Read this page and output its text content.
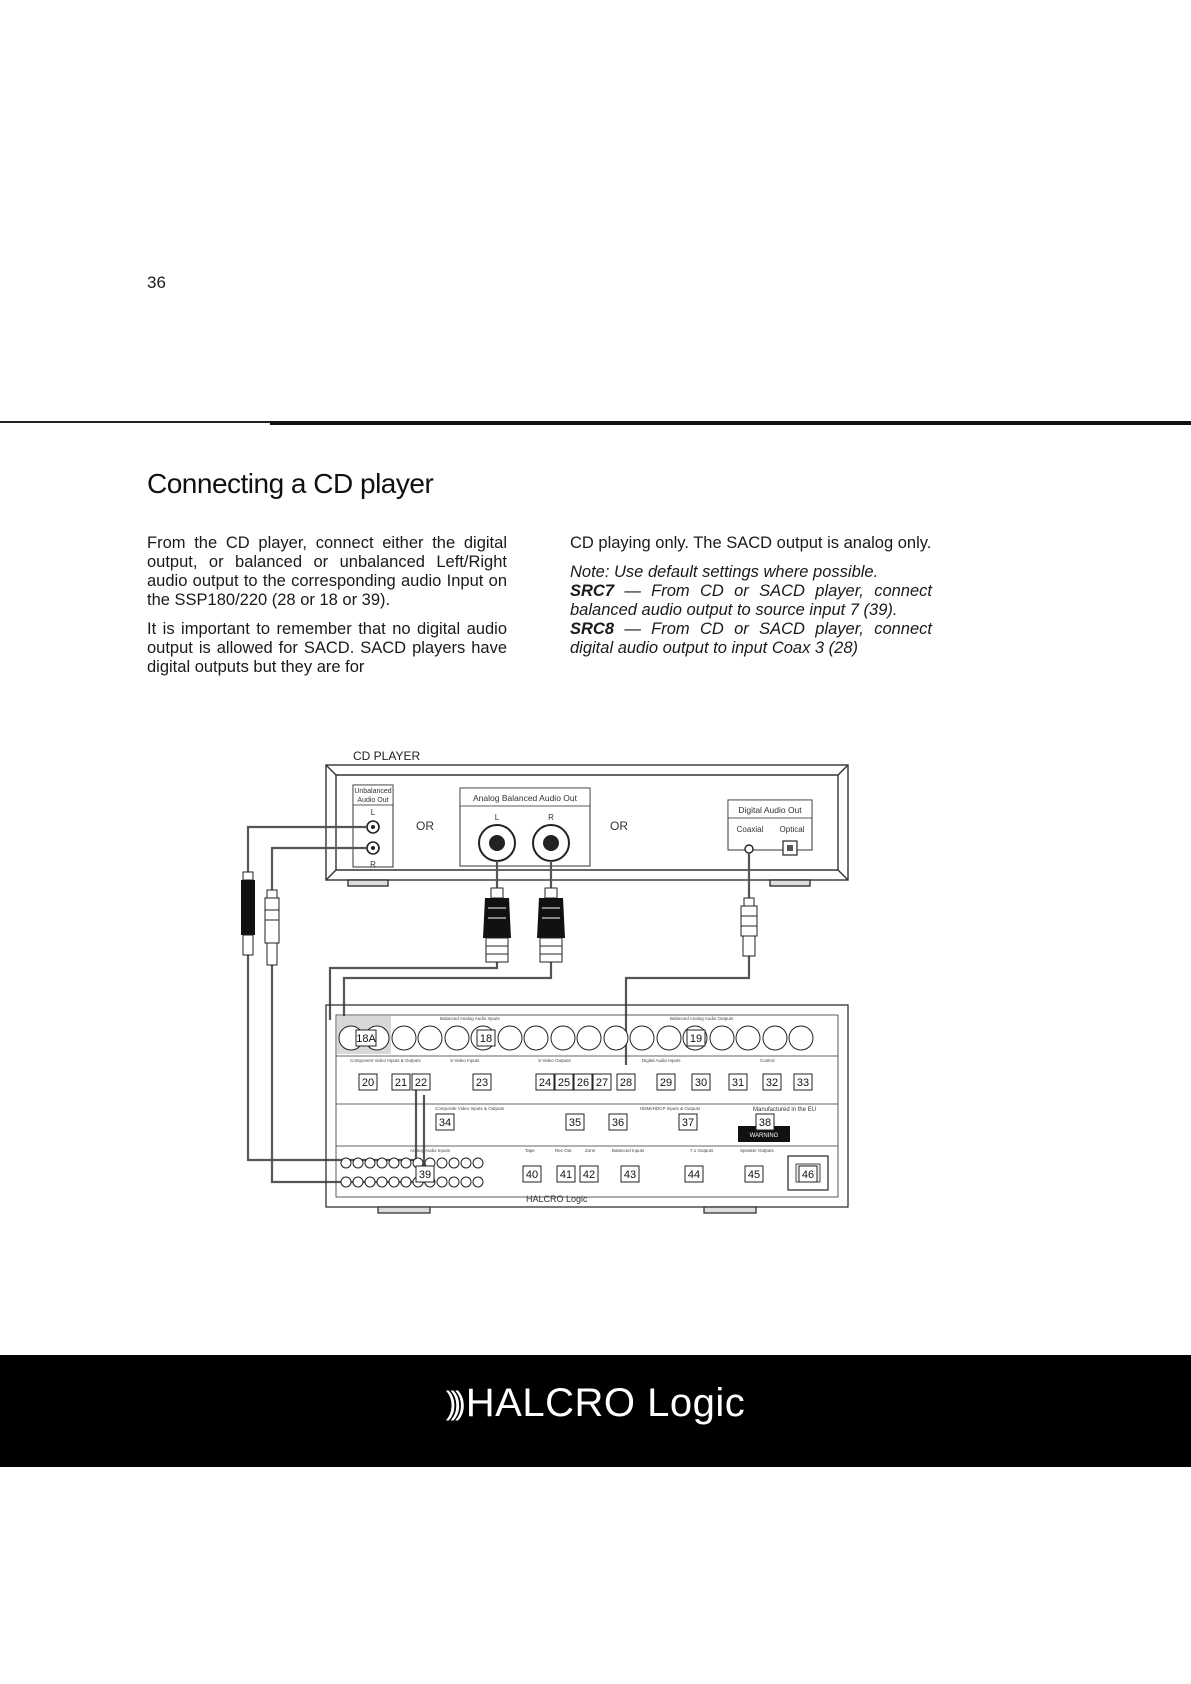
36
Connecting a CD player

From the CD player, connect either the digital output, or balanced or unbalanced Left/Right audio output to the corresponding audio Input on the SSP180/220 (28 or 18 or 39).

It is important to remember that no digital audio output is allowed for SACD. SACD players have digital outputs but they are for

CD playing only. The SACD output is analog only.

Note: Use default settings where possible.
SRC7 — From CD or SACD player, connect balanced audio output to source input 7 (39).
SRC8 — From CD or SACD player, connect digital audio output to input Coax 3 (28)

CD PLAYER
Unbalanced
Audio Out
L
R
OR
Analog Balanced Audio Out
L	R
OR
Digital Audio Out
Coaxial Optical
Balanced Analog Audio Inputs	Balanced Analog Audio Outputs
Component Video Inputs & Outputs	S-Video Inputs	S-Video Outputs	Digital Audio Inputs	Control
Composite Video Inputs & Outputs	HDMI/HDCP Inputs & Outputs	Manufactured in the EU
Analog Audio Inputs	Tape	Rec Out	Zone	Balanced Inputs	7.1 Outputs	Speaker Outputs
WARNING
HALCRO Logic
18A	18	19
20 21 22	23	24 25 26 27 28	29 30 31 32 33
34	35	36	37	38
39	40 41 42	43	44	45	46
))) HALCRO Logic
